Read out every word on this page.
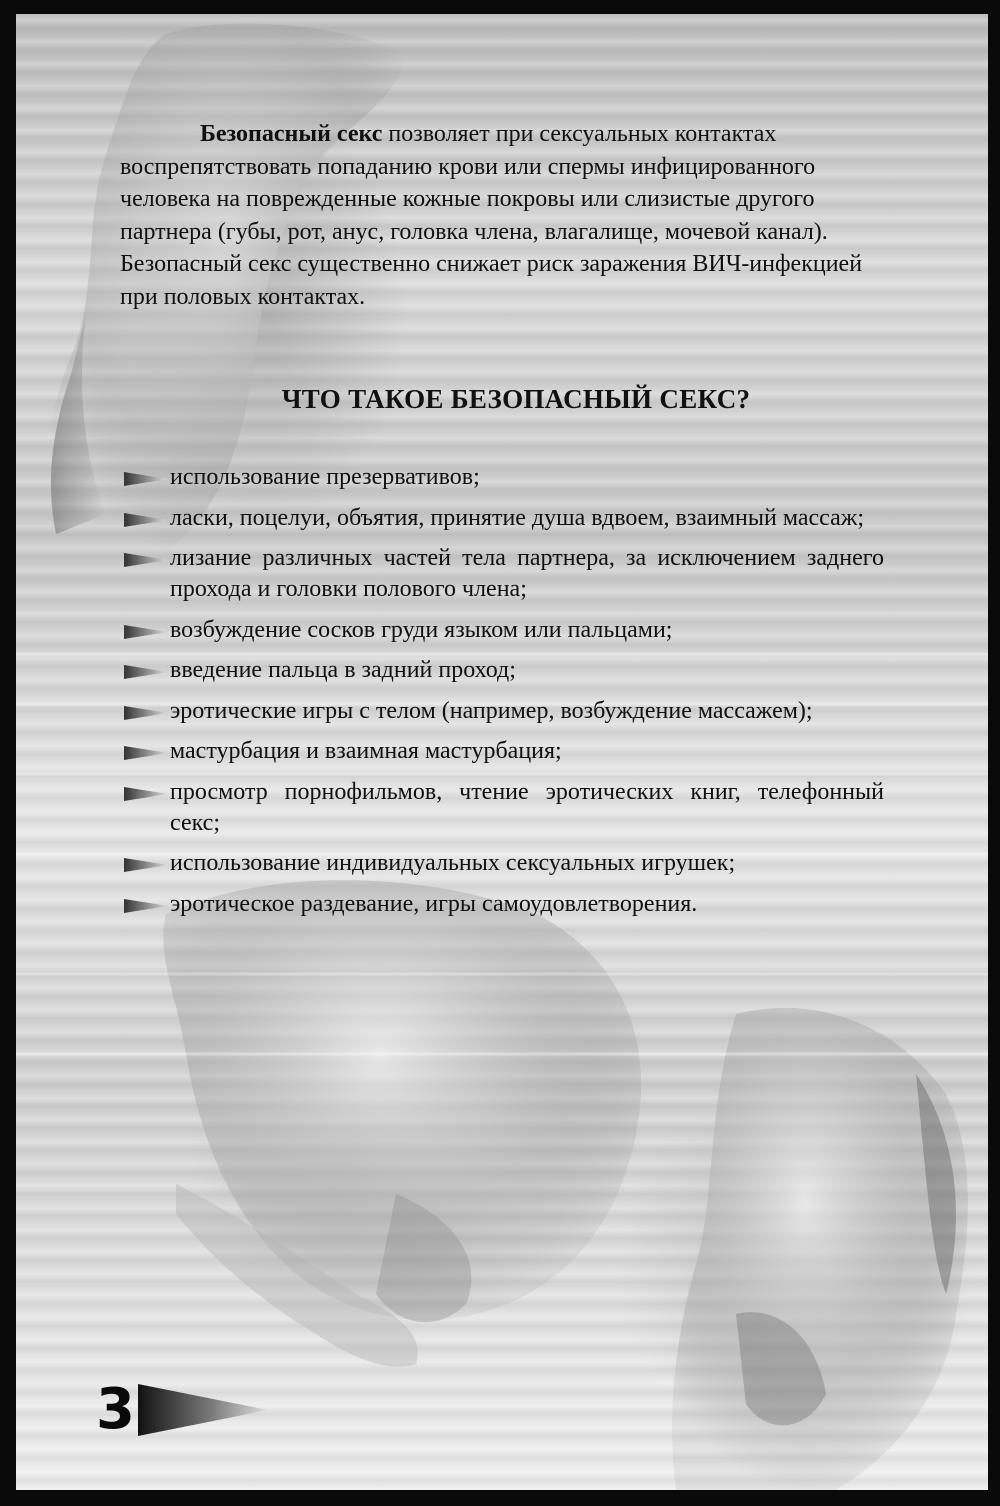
Безопасный секс позволяет при сексуальных контактах воспрепятствовать попаданию крови или спермы инфицированного человека на поврежденные кожные покровы или слизистые другого партнера (губы, рот, анус, головка члена, влагалище, мочевой канал). Безопасный секс существенно снижает риск заражения ВИЧ-инфекцией при половых контактах.

ЧТО ТАКОЕ БЕЗОПАСНЫЙ СЕКС?
использование презервативов;
ласки, поцелуи, объятия, принятие душа вдвоем, взаимный массаж;
лизание различных частей тела партнера, за исключением заднего прохода и головки полового члена;
возбуждение сосков груди языком или пальцами;
введение пальца в задний проход;
эротические игры с телом (например, возбуждение массажем);
мастурбация и взаимная мастурбация;
просмотр порнофильмов, чтение эротических книг, телефонный секс;
использование индивидуальных сексуальных игрушек;
эротическое раздевание, игры самоудовлетворения.
3
